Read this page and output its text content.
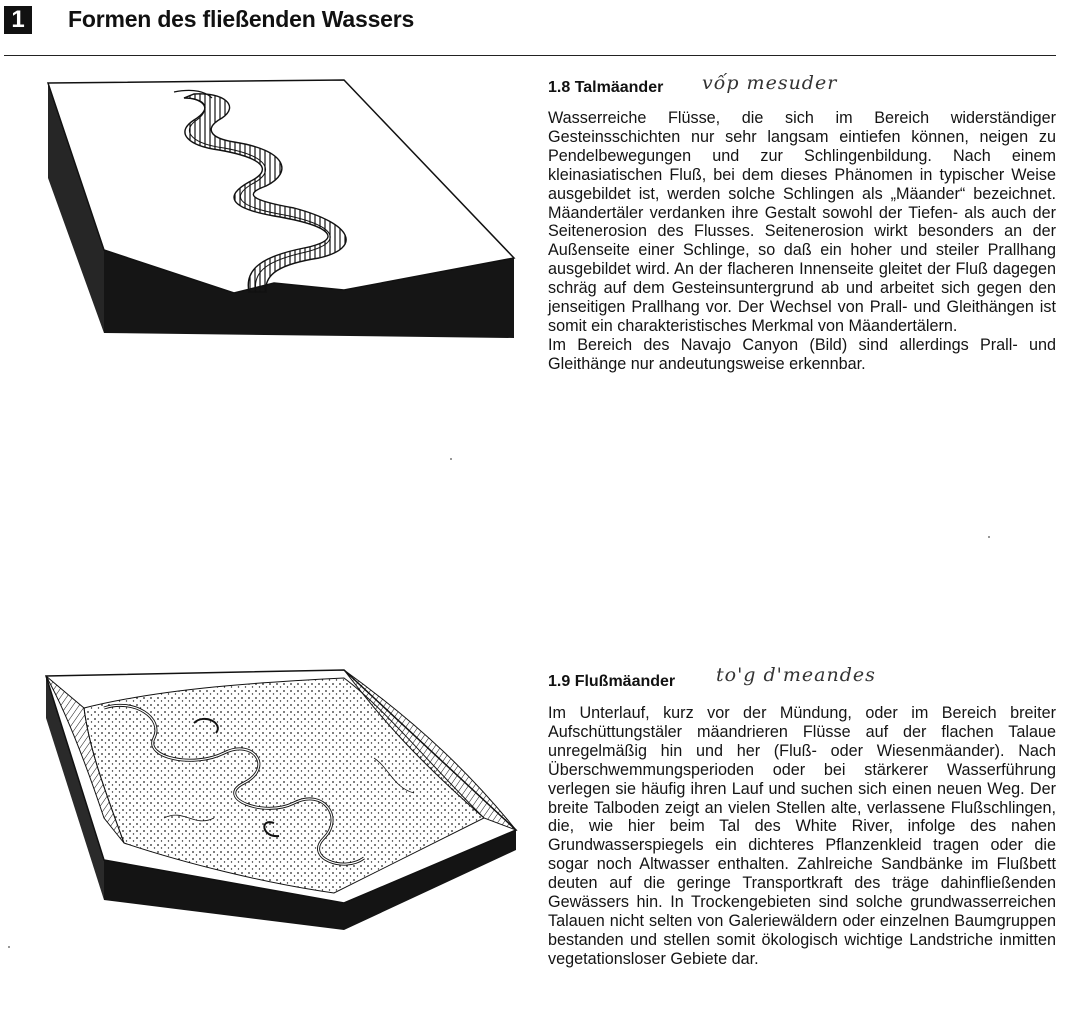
1	Formen des fließenden Wassers
1.8 Talmäander vốp mesuder

Wasserreiche Flüsse, die sich im Bereich widerständiger Gesteinsschichten nur sehr langsam eintiefen können, neigen zu Pendelbewegungen und zur Schlingenbildung. Nach einem kleinasiatischen Fluß, bei dem dieses Phänomen in typischer Weise ausgebildet ist, werden solche Schlingen als „Mäander“ bezeichnet. Mäandertäler verdanken ihre Gestalt sowohl der Tiefen- als auch der Seitenerosion des Flusses. Seitenerosion wirkt besonders an der Außenseite einer Schlinge, so daß ein hoher und steiler Prallhang ausgebildet wird. An der flacheren Innenseite gleitet der Fluß dagegen schräg auf dem Gesteinsuntergrund ab und arbeitet sich gegen den jenseitigen Prallhang vor. Der Wechsel von Prall- und Gleithängen ist somit ein charakteristisches Merkmal von Mäandertälern.

Im Bereich des Navajo Canyon (Bild) sind allerdings Prall- und Gleithänge nur andeutungsweise erkennbar.

1.9 Flußmäander to'g d'meandes

Im Unterlauf, kurz vor der Mündung, oder im Bereich breiter Aufschüttungstäler mäandrieren Flüsse auf der flachen Talaue unregelmäßig hin und her (Fluß- oder Wiesenmäander). Nach Überschwemmungsperioden oder bei stärkerer Wasserführung verlegen sie häufig ihren Lauf und suchen sich einen neuen Weg. Der breite Talboden zeigt an vielen Stellen alte, verlassene Flußschlingen, die, wie hier beim Tal des White River, infolge des nahen Grundwasserspiegels ein dichteres Pflanzenkleid tragen oder die sogar noch Altwasser enthalten. Zahlreiche Sandbänke im Flußbett deuten auf die geringe Transportkraft des träge dahinfließenden Gewässers hin. In Trockengebieten sind solche grundwasserreichen Talauen nicht selten von Galeriewäldern oder einzelnen Baumgruppen bestanden und stellen somit ökologisch wichtige Landstriche inmitten vegetationsloser Gebiete dar.
